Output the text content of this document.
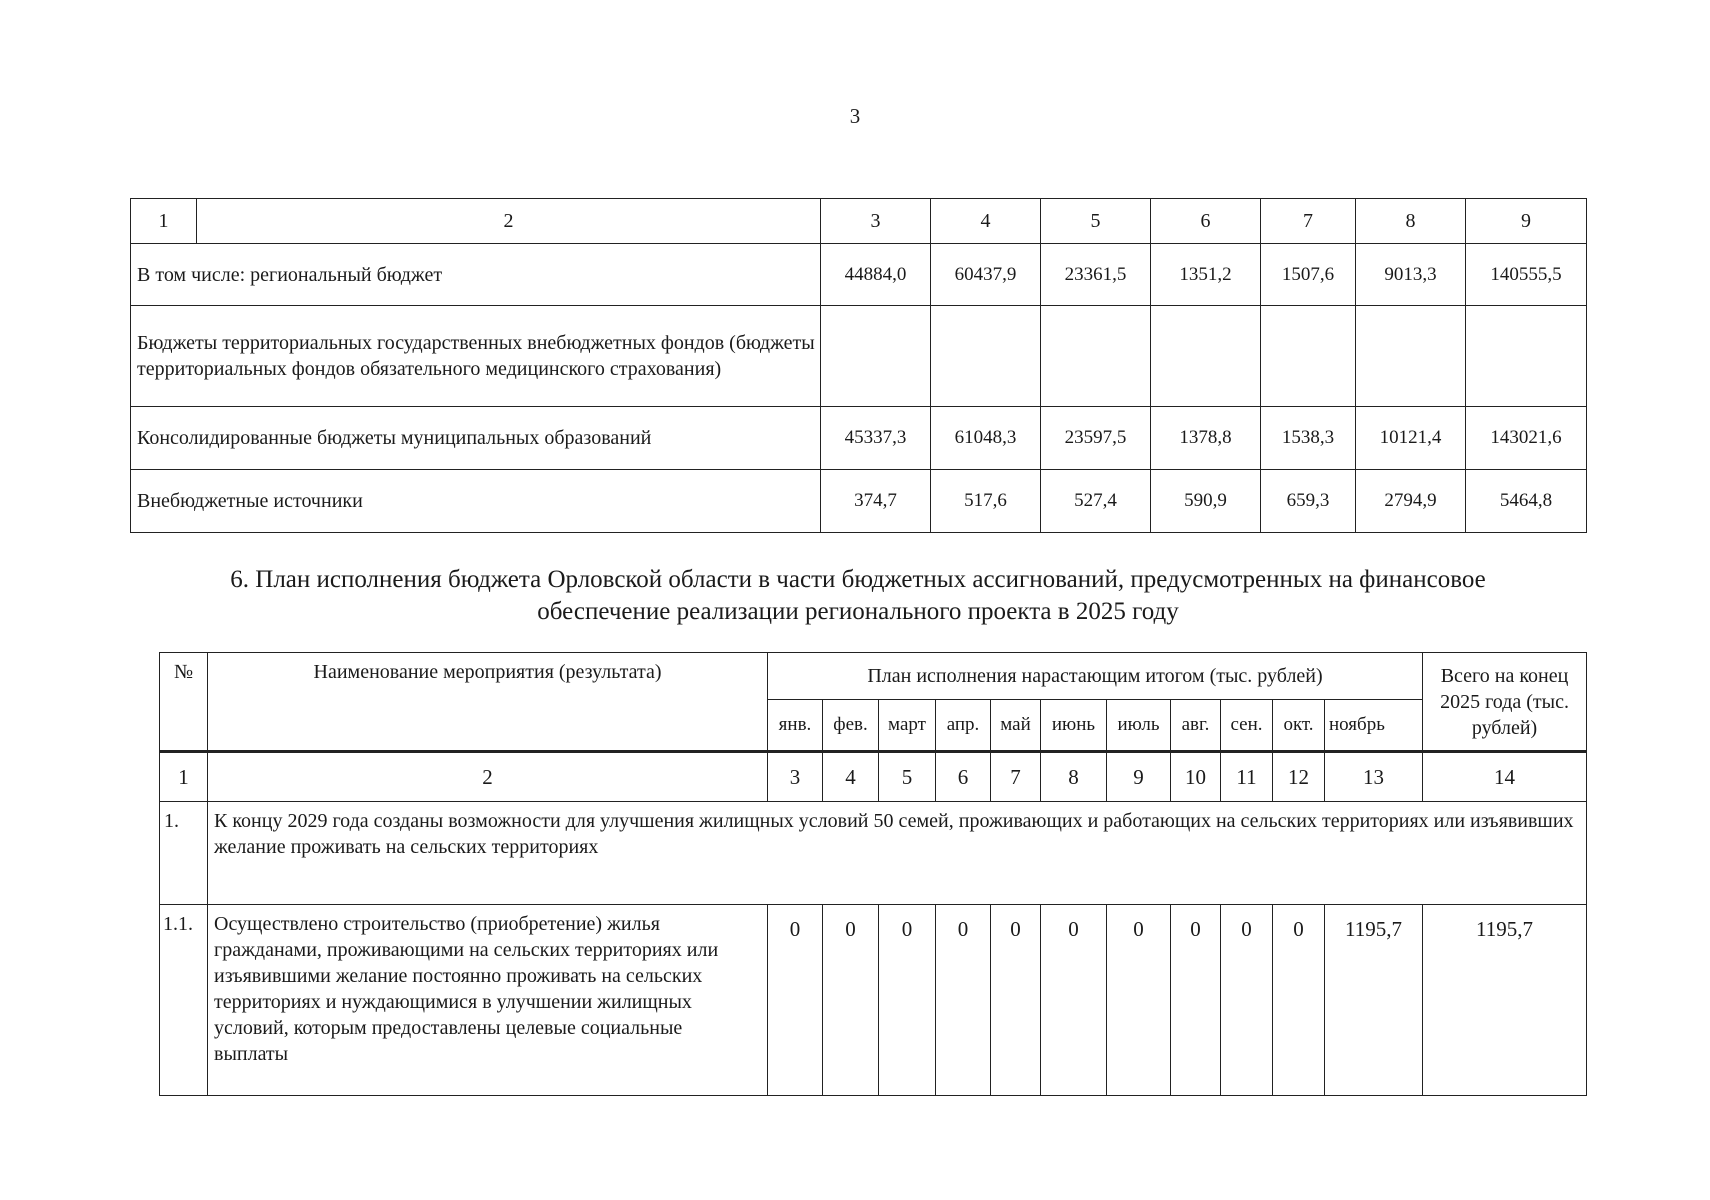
3
1	2	3	4	5	6	7	8	9
В том числе: региональный бюджет		44884,0	60437,9	23361,5	1351,2	1507,6	9013,3	140555,5
Бюджеты территориальных государственных внебюджетных фондов (бюджеты территориальных фондов обязательного медицинского страхования)								
Консолидированные бюджеты муниципальных образований		45337,3	61048,3	23597,5	1378,8	1538,3	10121,4	143021,6
Внебюджетные источники		374,7	517,6	527,4	590,9	659,3	2794,9	5464,8
6. План исполнения бюджета Орловской области в части бюджетных ассигнований, предусмотренных на финансовое
обеспечение реализации регионального проекта в 2025 году
№	Наименование мероприятия (результата)	План исполнения нарастающим итогом (тыс. рублей)											Всего на конец 2025 года (тыс. рублей)
		янв.	фев.	март	апр.	май	июнь	июль	авг.	сен.	окт.	ноябрь	
1	2	3	4	5	6	7	8	9	10	11	12	13	14
1.	К концу 2029 года созданы возможности для улучшения жилищных условий 50 семей, проживающих и работающих на сельских территориях или изъявивших желание проживать на сельских территориях												
1.1.	Осуществлено строительство (приобретение) жилья гражданами, проживающими на сельских территориях или изъявившими желание постоянно проживать на сельских территориях и нуждающимися в улучшении жилищных условий, которым предоставлены целевые социальные выплаты	0	0	0	0	0	0	0	0	0	0	1195,7	1195,7
